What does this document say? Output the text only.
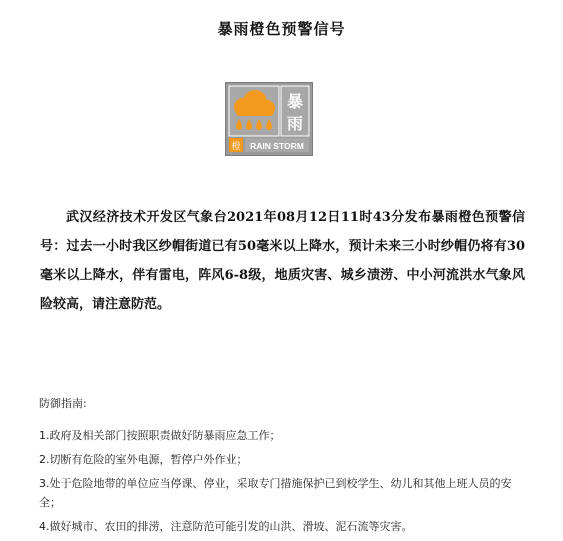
暴雨橙色预警信号
暴
雨
橙 RAIN STORM

武汉经济技术开发区气象台2021年08月12日11时43分发布暴雨橙色预警信号：过去一小时我区纱帽街道已有50毫米以上降水，预计未来三小时纱帽仍将有30毫米以上降水，伴有雷电，阵风6-8级，地质灾害、城乡渍涝、中小河流洪水气象风险较高，请注意防范。

防御指南:
1.政府及相关部门按照职责做好防暴雨应急工作；
2.切断有危险的室外电源，暂停户外作业；
3.处于危险地带的单位应当停课、停业，采取专门措施保护已到校学生、幼儿和其他上班人员的安全；
4.做好城市、农田的排涝，注意防范可能引发的山洪、滑坡、泥石流等灾害。
